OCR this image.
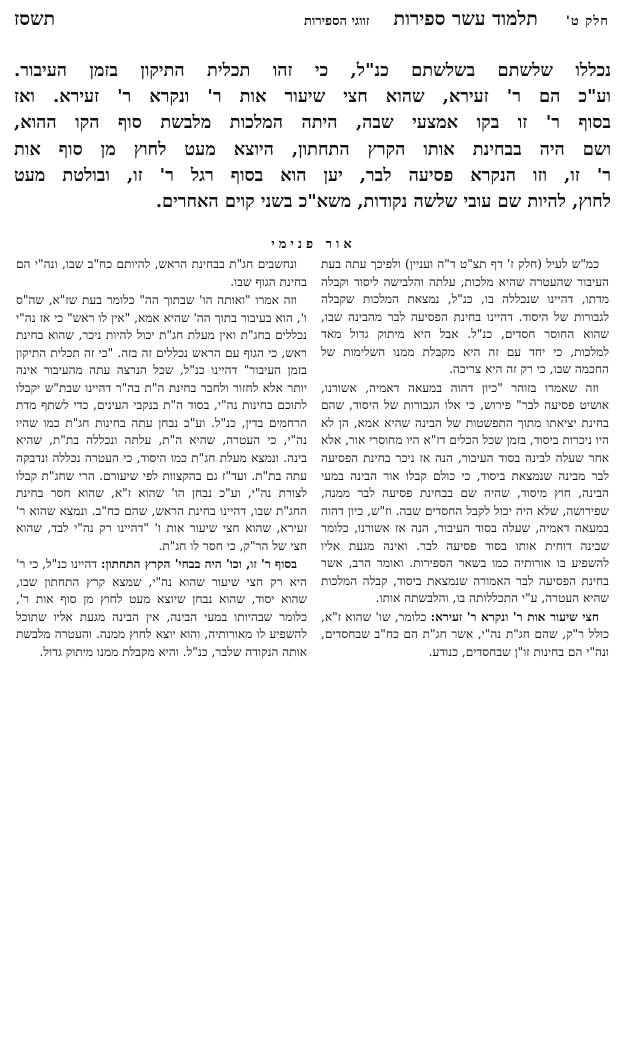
חלק ט'
תלמוד עשר ספירות
זווגי הספירות
תשסז
נכללו שלשתם בשלשתם כנ"ל, כי זהו תכלית התיקון בזמן העיבור.
וע"כ הם ר' זעירא, שהוא חצי שיעור אות ר' ונקרא ר' זעירא. ואז
בסוף ר' זו בקו אמצעי שבה, היתה המלכות מלבשת סוף הקו ההוא,
ושם היה בבחינת אותו הקרץ התחתון, היוצא מעט לחוץ מן סוף אות
ר' זו, וזו הנקרא פסיעה לבר, יען הוא בסוף רגל ר' זו, ובולטת מעט
לחוץ, להיות שם עובי שלשה נקודות, משא"כ בשני קוים האחרים.
אור פנימי

כמ"ש לעיל (חלק ז' דף תצ"ט ד"ה ועניין) ולפיכך עתה בעת העיבור שהעטרה שהיא מלכות, עלתה והלבישה ליסוד וקבלה מדתו, דהיינו שנכללה בו, כנ"ל, נמצאת המלכות שקבלה לגבורות של היסוד. דהיינו בחינת הפסיעה לבר מהבינה שבו, שהוא החוסר חסדים, כנ"ל. אבל היא מיתוק גדול מאד למלכות, כי יחד עם זה היא מקבלת ממנו השלימות של החכמה שבו, כי רק זה היא צריכה.

וזה שאמרו בזוהר "כיון דהוה במעאה דאמיה, אשורנו, אושיט פסיעה לבר" פירוש, כי אלו הגבורות של היסוד, שהם בחינת יציאתו מתוך התפשטות של הבינה שהיא אמא, הן לא היו ניכרות ביסוד, בזמן שכל הכלים דז"א היו מחוסרי אור, אלא אחר שעלה לבינה בסוד העיבור, הנה אז ניכר בחינת הפסיעה לבר מבינה שנמצאת ביסוד, כי כולם קבלו אור הבינה במעי הבינה, חוץ מיסוד, שהיה שם בבחינת פסיעה לבר ממנה, שפירושה, שלא היה יכול לקבל החסדים שבה. וז"ש, כיון דהוה במעאה דאמיה, שעלה בסוד העיבור, הנה אז אשורנו, כלומר שבינה דוחית אותו בסוד פסיעה לבר. ואינה מגעת אליו להשפיע בו אורותיה כמו בשאר הספירות. ואומר הרב, אשר בחינת הפסיעה לבר האמורה שנמצאת ביסוד, קבלה המלכות שהיא העטרה, ע"י התכללותה בו, והלבשתה אותו.

חצי שיעור אות ר' ונקרא ר' זעירא: כלומר, שו' שהוא ז"א, כולל ר"ק, שהם חג"ת נה"י, אשר חג"ת הם כח"ב שבחסדים, ונה"י הם בחינות זו"ן שבחסדים, כנודע.

ונחשבים חג"ת בבחינת הראש, להיותם כח"ב שבו, ונה"י הם בחינת הגוף שבו.

וזה אמרו "ואותה הו' שבתוך הה" כלומר בעת שז"א, שה"ס ו', הוא בעיבור בתוך הה' שהיא אמא, "אין לו ראש" כי אז נה"י נכללים בחג"ת ואין מעלת חג"ת יכול להיות ניכר, שהוא בחינת ראש, כי הגוף עם הראש נכללים זה בזה. "כי זה תכלית התיקון בזמן העיבור" דהיינו כנ"ל, שכל הנרצה עתה מהעיבור אינה יותר אלא לחזור ולחבר בחינת ה"ת בה"ר דהיינו שבת"ש יקבלו לתוכם בחינות נה"י, בסוד ה"ת בנקבי העינים, כדי לשתף מדת הרחמים בדין, כנ"ל. וע"כ נבחן עתה בחינות חג"ת כמו שהיו נה"י, כי העטרה, שהיא ה"ת, עלתה ונכללה בת"ת, שהיא בינה. ונמצא מעלת חג"ת כמו היסוד, כי העטרה נכללה ונדבקה עתה בת"ת. ועד"ז גם בהקצוות לפי שיעורם. הרי שחג"ת קבלו לצורת נה"י, וע"כ נבחן הו' שהוא ז"א, שהוא חסר בחינת החג"ת שבו, דהיינו בחינת הראש, שהם כח"ב. ונמצא שהוא ר' זעירא, שהוא חצי שיעור אות ו' "דהיינו רק נה"י לבד, שהוא חצי של הר"ק, כי חסר לו חג"ת.

בסוף ר' זו, וכו' היה בבחי' הקרץ התחתון: דהיינו כנ"ל, כי ר' היא רק חצי שיעור שהוא נה"י, שמצא קרץ התחתון שבו, שהוא יסוד, שהוא נבחן שיוצא מעט לחוץ מן סוף אות ר', כלומר שבהיותו במעי הבינה, אין הבינה מגעת אליו שתוכל להשפיע לו מאורותיה, והוא יוצא לחוץ ממנה. והעטרה מלבשת אותה הנקודה שלבר, כנ"ל. והיא מקבלת ממנו מיתוק גדול.
